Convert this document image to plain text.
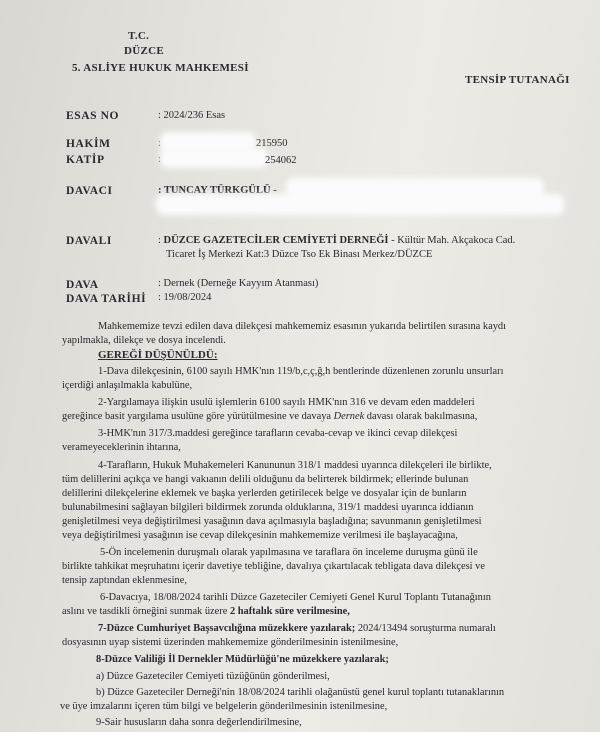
T.C.
DÜZCE
5. ASLİYE HUKUK MAHKEMESİ
TENSİP TUTANAĞI
ESAS NO	: 2024/236 Esas
HAKİM	:	215950
KATİP	:	254062
DAVACI	: TUNCAY TÜRKGÜLÜ -
DAVALI	: DÜZCE GAZETECİLER CEMİYETİ DERNEĞİ - Kültür Mah. Akçakoca Cad.
Ticaret İş Merkezi Kat:3 Düzce Tso Ek Binası Merkez/DÜZCE
DAVA	: Dernek (Derneğe Kayyım Atanması)
DAVA TARİHİ : 19/08/2024
Mahkememize tevzi edilen dava dilekçesi mahkememiz esasının yukarıda belirtilen sırasına kaydı
yapılmakla, dilekçe ve dosya incelendi.
GEREĞİ DÜŞÜNÜLDÜ:
1-Dava dilekçesinin, 6100 sayılı HMK'nın 119/b,c,ç,ğ,h bentlerinde düzenlenen zorunlu unsurları
içerdiği anlaşılmakla kabulüne,
2-Yargılamaya ilişkin usulü işlemlerin 6100 sayılı HMK'nın 316 ve devam eden maddeleri
gereğince basit yargılama usulüne göre yürütülmesine ve davaya Dernek davası olarak bakılmasına,
3-HMK'nın 317/3.maddesi gereğince tarafların cevaba-cevap ve ikinci cevap dilekçesi
verameyeceklerinin ihtarına,
4-Tarafların, Hukuk Muhakemeleri Kanununun 318/1 maddesi uyarınca dilekçeleri ile birlikte,
tüm delillerini açıkça ve hangi vakıanın delili olduğunu da belirterek bildirmek; ellerinde bulunan
delillerini dilekçelerine eklemek ve başka yerlerden getirilecek belge ve dosyalar için de bunların
bulunabilmesini sağlayan bilgileri bildirmek zorunda olduklarına, 319/1 maddesi uyarınca iddianın
genişletilmesi veya değiştirilmesi yasağının dava açılmasıyla başladığına; savunmanın genişletilmesi
veya değiştirilmesi yasağının ise cevap dilekçesinin mahkememize verilmesi ile başlayacağına,
5-Ön incelemenin duruşmalı olarak yapılmasına ve taraflara ön inceleme duruşma günü ile
birlikte tahkikat meşruhatını içerir davetiye tebliğine, davalıya çıkartılacak tebligata dava dilekçesi ve
tensip zaptından eklenmesine,
6-Davacıya, 18/08/2024 tarihli Düzce Gazeteciler Cemiyeti Genel Kurul Toplantı Tutanağının
aslını ve tasdikli örneğini sunmak üzere 2 haftalık süre verilmesine,
7-Düzce Cumhuriyet Başsavcılığına müzekkere yazılarak; 2024/13494 soruşturma numaralı
dosyasının uyap sistemi üzerinden mahkememize gönderilmesinin istenilmesine,
8-Düzce Valiliği İl Dernekler Müdürlüğü'ne müzekkere yazılarak;
a) Düzce Gazeteciler Cemiyeti tüzüğünün gönderilmesi,
b) Düzce Gazeteciler Derneği'nin 18/08/2024 tarihli olağanüstü genel kurul toplantı tutanaklarının
ve üye imzalarını içeren tüm bilgi ve belgelerin gönderilmesinin istenilmesine,
9-Sair hususların daha sonra değerlendirilmesine,
